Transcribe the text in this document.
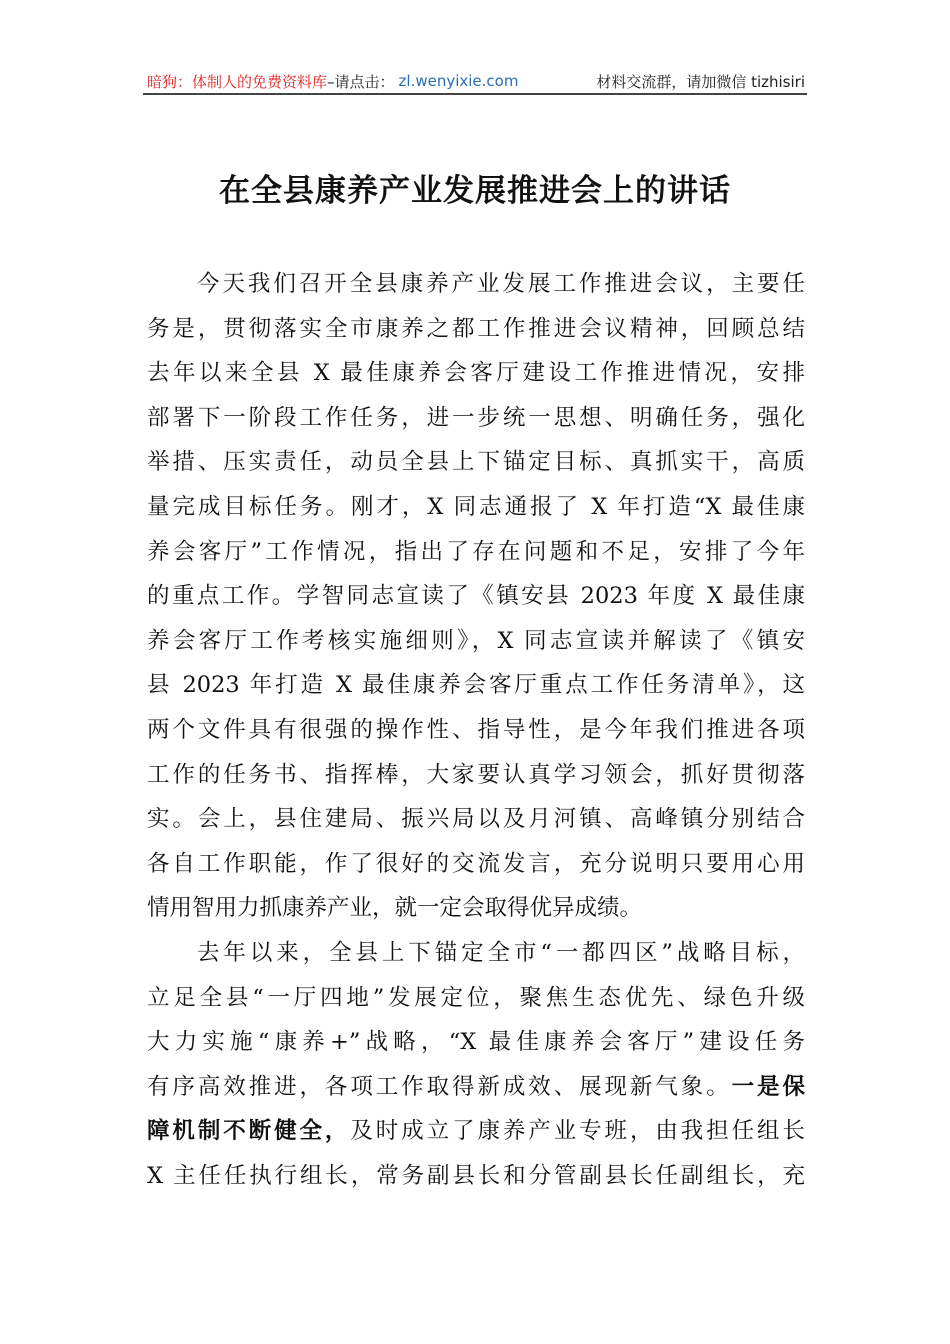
暗狗：体制人的免费资料库 –请点击： zl.wenyixie.com	材料交流群，请加微信 tizhisiri
在全县康养产业发展推进会上的讲话
今天我们召开全县康养产业发展工作推进会议，主要任
务是，贯彻落实全市康养之都工作推进会议精神，回顾总结
去年以来全县 X 最佳康养会客厅建设工作推进情况，安排
部署下一阶段工作任务，进一步统一思想、明确任务，强化
举措、压实责任，动员全县上下锚定目标、真抓实干，高质
量完成目标任务。刚才，X 同志通报了 X 年打造“X 最佳康
养会客厅”工作情况，指出了存在问题和不足，安排了今年
的重点工作。学智同志宣读了《镇安县 2023 年度 X 最佳康
养会客厅工作考核实施细则》，X 同志宣读并解读了《镇安
县 2023 年打造 X 最佳康养会客厅重点工作任务清单》，这
两个文件具有很强的操作性、指导性，是今年我们推进各项
工作的任务书、指挥棒，大家要认真学习领会，抓好贯彻落
实。会上，县住建局、振兴局以及月河镇、高峰镇分别结合
各自工作职能，作了很好的交流发言，充分说明只要用心用
情用智用力抓康养产业，就一定会取得优异成绩。
去年以来，全县上下锚定全市“一都四区”战略目标，
立足全县“一厅四地”发展定位，聚焦生态优先、绿色升级
大力实施“康养+”战略，“X 最佳康养会客厅”建设任务
有序高效推进，各项工作取得新成效、展现新气象。一是保
障机制不断健全，及时成立了康养产业专班，由我担任组长
X 主任任执行组长，常务副县长和分管副县长任副组长，充
